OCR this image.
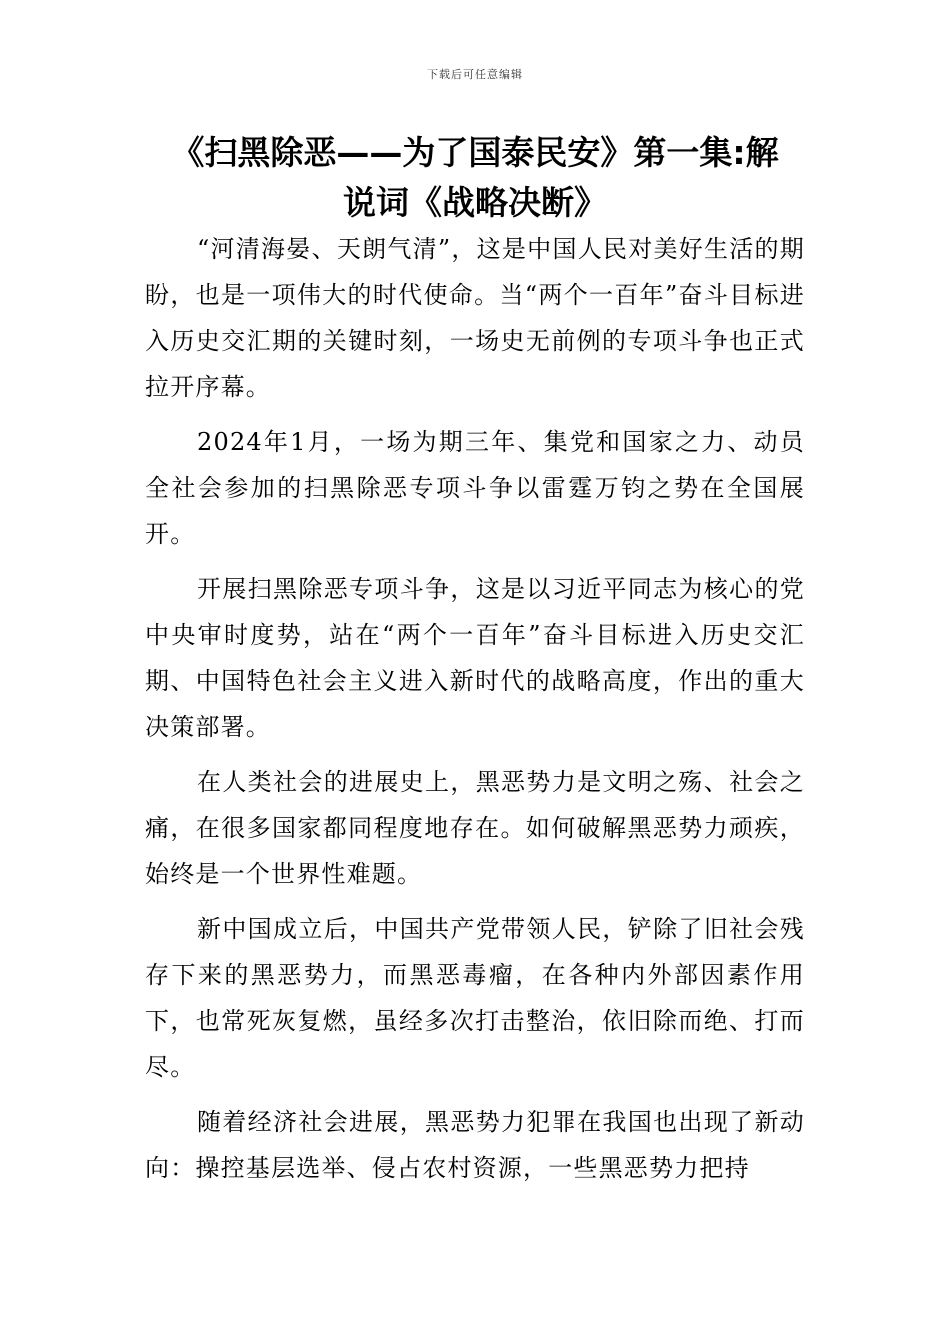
下载后可任意编辑
《扫黑除恶——为了国泰民安》第一集:解
说词《战略决断》

“河清海晏、天朗气清”，这是中国人民对美好生活的期盼，也是一项伟大的时代使命。当“两个一百年”奋斗目标进入历史交汇期的关键时刻，一场史无前例的专项斗争也正式拉开序幕。

2024年1月，一场为期三年、集党和国家之力、动员全社会参加的扫黑除恶专项斗争以雷霆万钧之势在全国展开。

开展扫黑除恶专项斗争，这是以习近平同志为核心的党中央审时度势，站在“两个一百年”奋斗目标进入历史交汇期、中国特色社会主义进入新时代的战略高度，作出的重大决策部署。

在人类社会的进展史上，黑恶势力是文明之殇、社会之痛，在很多国家都同程度地存在。如何破解黑恶势力顽疾，始终是一个世界性难题。

新中国成立后，中国共产党带领人民，铲除了旧社会残存下来的黑恶势力，而黑恶毒瘤，在各种内外部因素作用下，也常死灰复燃，虽经多次打击整治，依旧除而绝、打而尽。

随着经济社会进展，黑恶势力犯罪在我国也出现了新动向：操控基层选举、侵占农村资源，一些黑恶势力把持
